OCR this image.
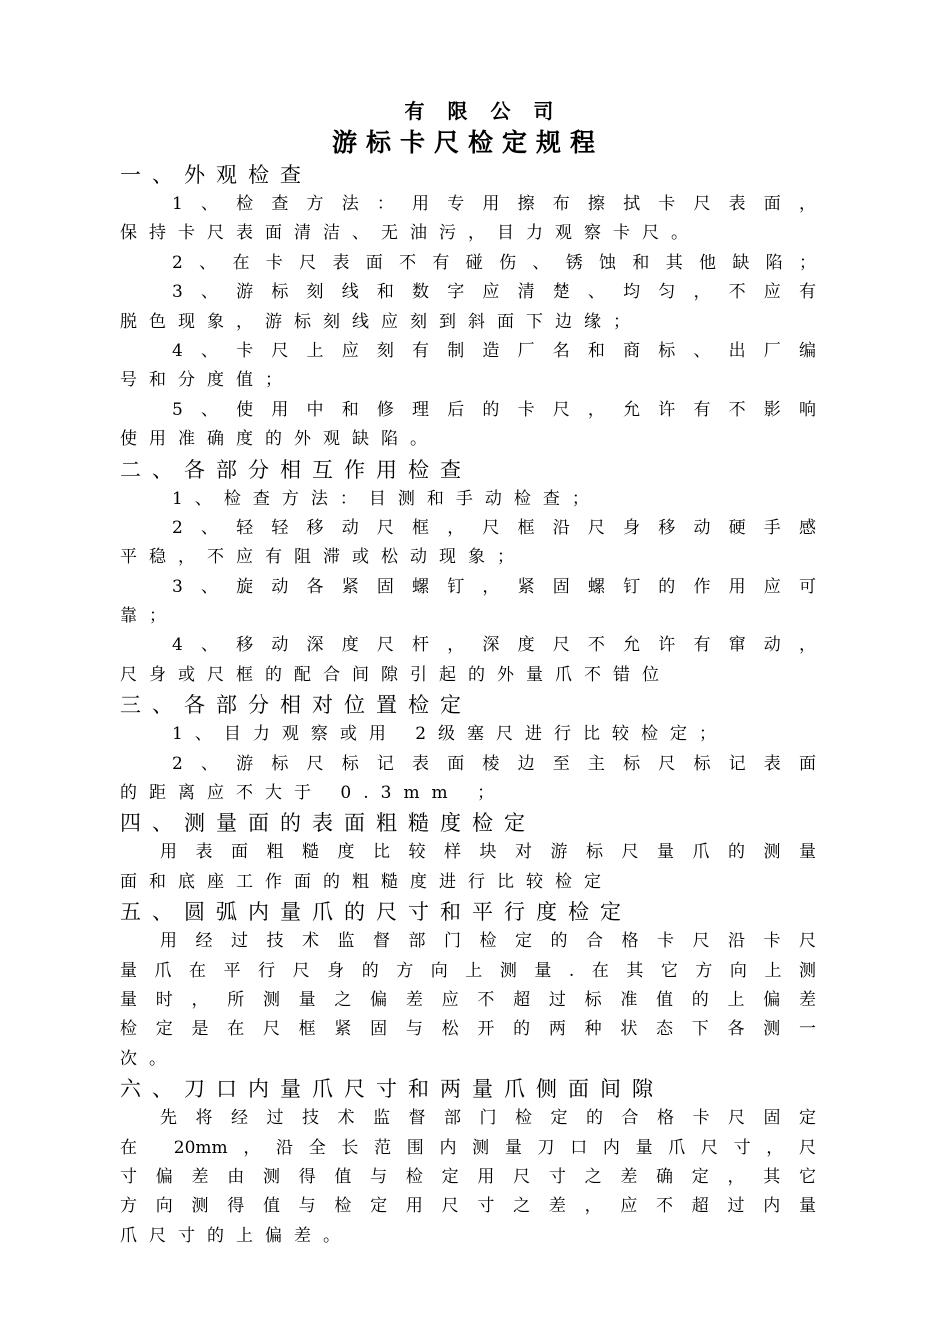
有 限 公 司
游标卡尺检定规程
一、外观检查
1、检查方法：用专用擦布擦拭卡尺表面，
保持卡尺表面清洁、无油污，目力观察卡尺。
2、在卡尺表面不有碰伤、锈蚀和其他缺陷；
3、游标刻线和数字应清楚、均匀，不应有
脱色现象，游标刻线应刻到斜面下边缘；
4、卡尺上应刻有制造厂名和商标、出厂编
号和分度值；
5、使用中和修理后的卡尺，允许有不影响
使用准确度的外观缺陷。
二、各部分相互作用检查
1、检查方法：目测和手动检查；
2、轻轻移动尺框，尺框沿尺身移动硬手感
平稳，不应有阻滞或松动现象；
3、旋动各紧固螺钉，紧固螺钉的作用应可
靠；
4、移动深度尺杆，深度尺不允许有窜动，
尺身或尺框的配合间隙引起的外量爪不错位
三、各部分相对位置检定
1、目力观察或用 2级塞尺进行比较检定；
2、游标尺标记表面棱边至主标尺标记表面
的距离应不大于 0.3mm ；
四、测量面的表面粗糙度检定
用表面粗糙度比较样块对游标尺量爪的测量
面和底座工作面的粗糙度进行比较检定
五、圆弧内量爪的尺寸和平行度检定
用经过技术监督部门检定的合格卡尺沿卡尺
量爪在平行尺身的方向上测量.在其它方向上测
量时，所测量之偏差应不超过标准值的上偏差
检定是在尺框紧固与松开的两种状态下各测一
次。
六、刀口内量爪尺寸和两量爪侧面间隙
先将经过技术监督部门检定的合格卡尺固定
在 20mm，沿全长范围内测量刀口内量爪尺寸，尺
寸偏差由测得值与检定用尺寸之差确定，其它
方向测得值与检定用尺寸之差，应不超过内量
爪尺寸的上偏差。
